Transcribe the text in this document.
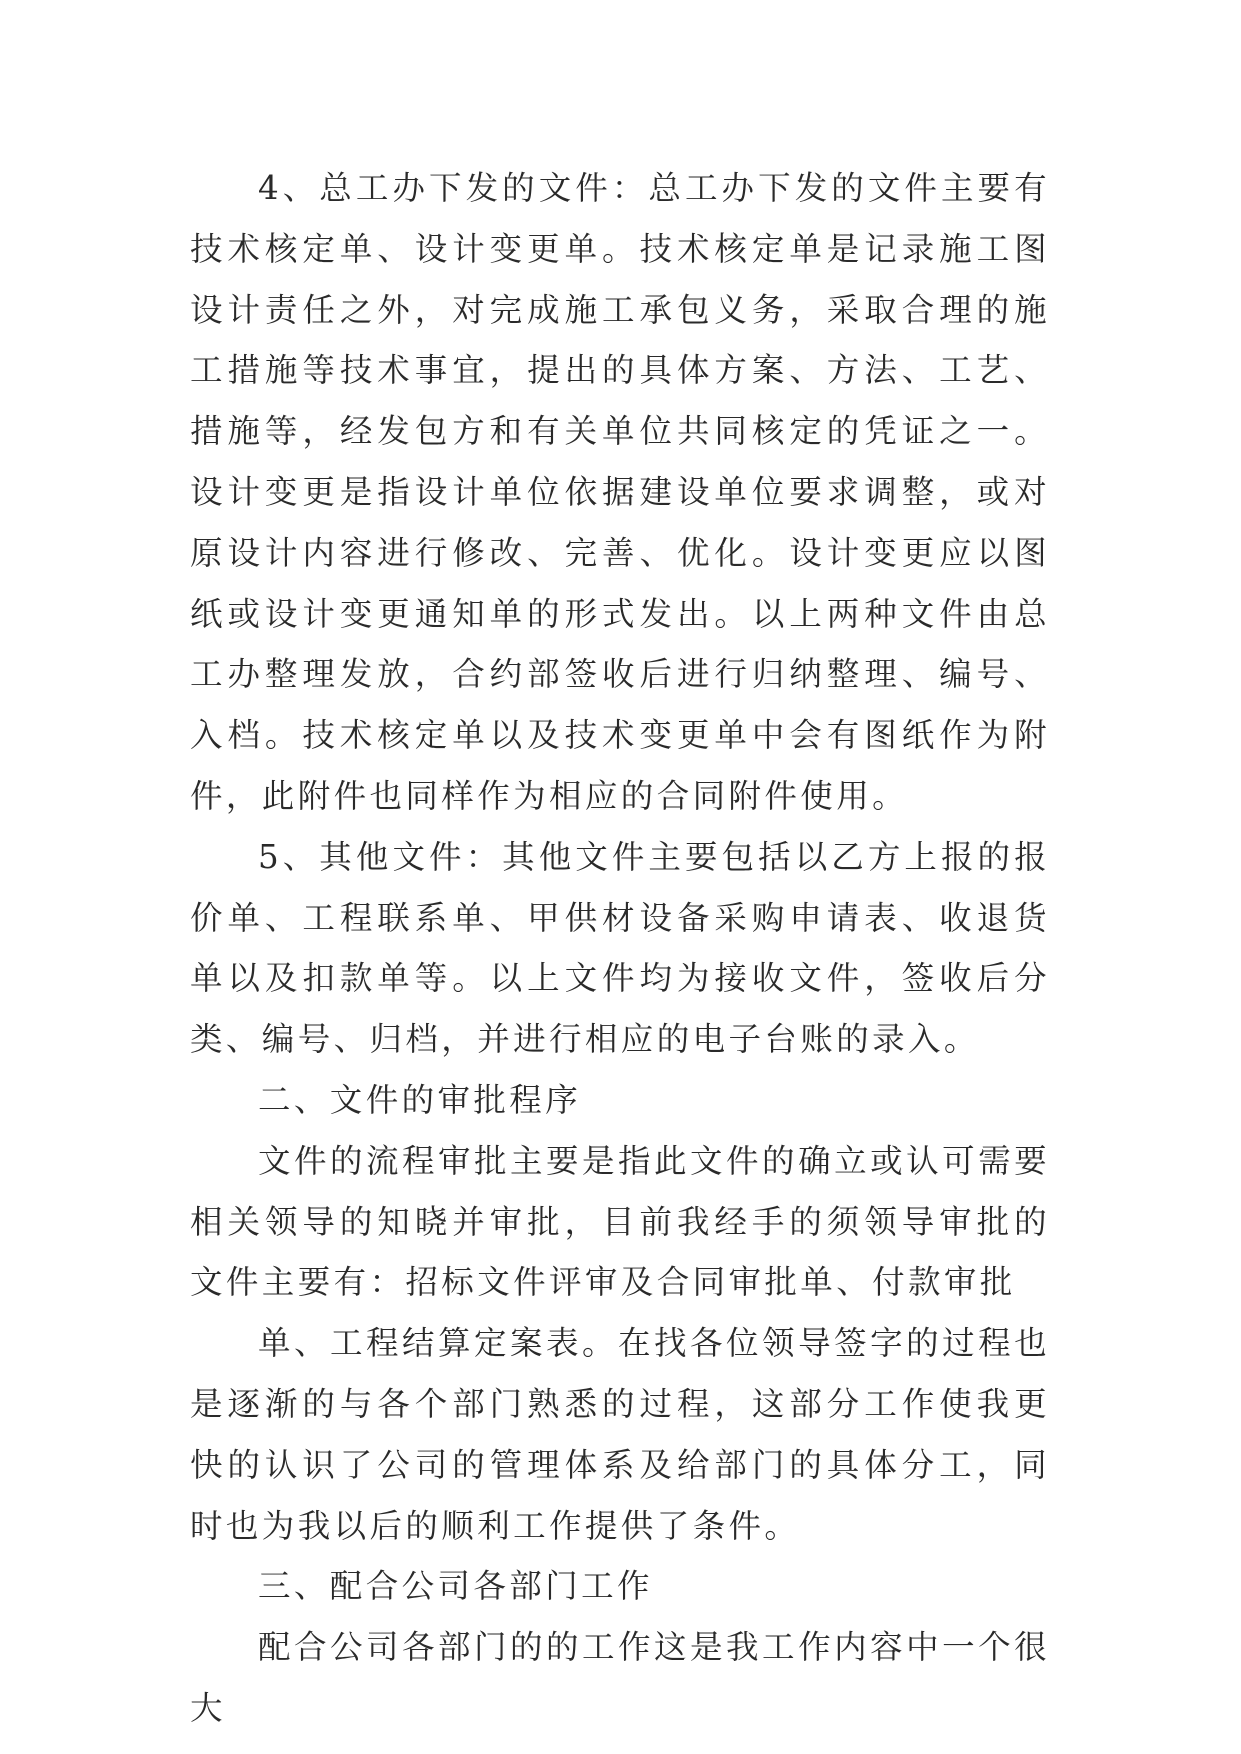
4、总工办下发的文件：总工办下发的文件主要有技术核定单、设计变更单。技术核定单是记录施工图设计责任之外，对完成施工承包义务，采取合理的施工措施等技术事宜，提出的具体方案、方法、工艺、措施等，经发包方和有关单位共同核定的凭证之一。设计变更是指设计单位依据建设单位要求调整，或对原设计内容进行修改、完善、优化。设计变更应以图纸或设计变更通知单的形式发出。以上两种文件由总工办整理发放，合约部签收后进行归纳整理、编号、入档。技术核定单以及技术变更单中会有图纸作为附件，此附件也同样作为相应的合同附件使用。

5、其他文件：其他文件主要包括以乙方上报的报价单、工程联系单、甲供材设备采购申请表、收退货单以及扣款单等。以上文件均为接收文件，签收后分类、编号、归档，并进行相应的电子台账的录入。

二、文件的审批程序

文件的流程审批主要是指此文件的确立或认可需要相关领导的知晓并审批，目前我经手的须领导审批的文件主要有：招标文件评审及合同审批单、付款审批

单、工程结算定案表。在找各位领导签字的过程也是逐渐的与各个部门熟悉的过程，这部分工作使我更快的认识了公司的管理体系及给部门的具体分工，同时也为我以后的顺利工作提供了条件。

三、配合公司各部门工作

配合公司各部门的的工作这是我工作内容中一个很大
